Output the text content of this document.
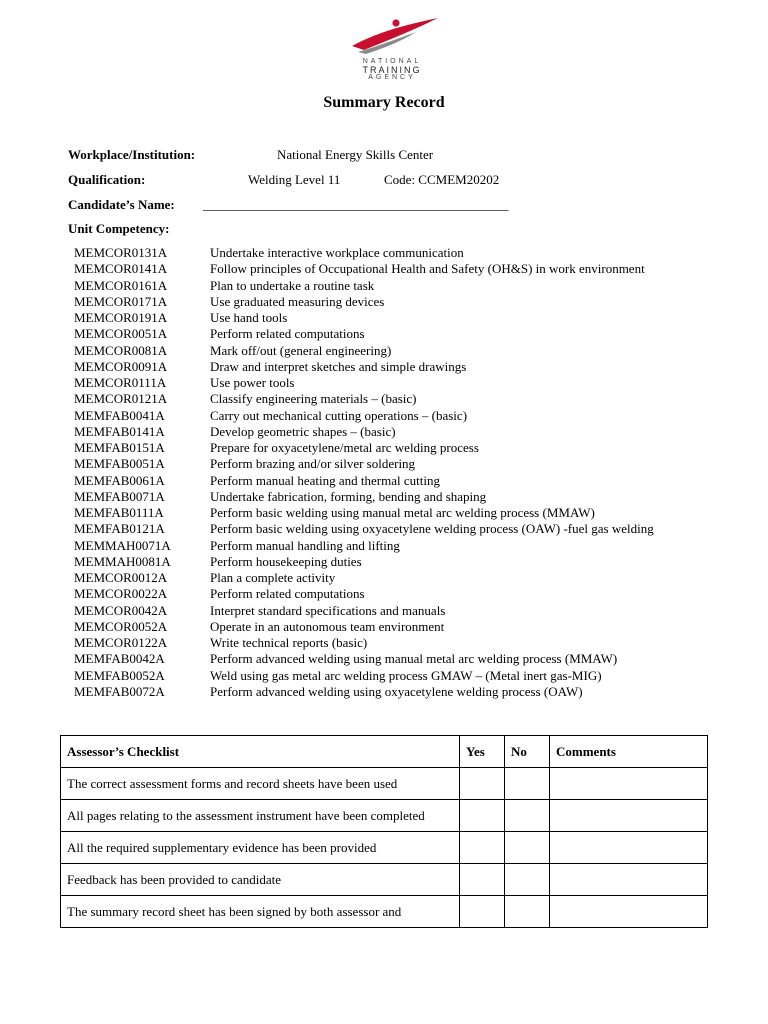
NATIONAL
TRAINING
AGENCY
Summary Record
Workplace/Institution:	National Energy Skills Center
Qualification:	Welding Level 11	Code: CCMEM20202
Candidate’s Name: _______________________________________________
Unit Competency:
MEMCOR0131A	Undertake interactive workplace communication
MEMCOR0141A	Follow principles of Occupational Health and Safety (OH&S) in work environment
MEMCOR0161A	Plan to undertake a routine task
MEMCOR0171A	Use graduated measuring devices
MEMCOR0191A	Use hand tools
MEMCOR0051A	Perform related computations
MEMCOR0081A	Mark off/out (general engineering)
MEMCOR0091A	Draw and interpret sketches and simple drawings
MEMCOR0111A	Use power tools
MEMCOR0121A	Classify engineering materials – (basic)
MEMFAB0041A	Carry out mechanical cutting operations – (basic)
MEMFAB0141A	Develop geometric shapes – (basic)
MEMFAB0151A	Prepare for oxyacetylene/metal arc welding process
MEMFAB0051A	Perform brazing and/or silver soldering
MEMFAB0061A	Perform manual heating and thermal cutting
MEMFAB0071A	Undertake fabrication, forming, bending and shaping
MEMFAB0111A	Perform basic welding using manual metal arc welding process (MMAW)
MEMFAB0121A	Perform basic welding using oxyacetylene welding process (OAW) -fuel gas welding
MEMMAH0071A	Perform manual handling and lifting
MEMMAH0081A	Perform housekeeping duties
MEMCOR0012A	Plan a complete activity
MEMCOR0022A	Perform related computations
MEMCOR0042A	Interpret standard specifications and manuals
MEMCOR0052A	Operate in an autonomous team environment
MEMCOR0122A	Write technical reports (basic)
MEMFAB0042A	Perform advanced welding using manual metal arc welding process (MMAW)
MEMFAB0052A	Weld using gas metal arc welding process GMAW – (Metal inert gas-MIG)
MEMFAB0072A	Perform advanced welding using oxyacetylene welding process (OAW)
Assessor’s Checklist	Yes	No	Comments
The correct assessment forms and record sheets have been used			
All pages relating to the assessment instrument have been completed			
All the required supplementary evidence has been provided			
Feedback has been provided to candidate			
The summary record sheet has been signed by both assessor and			
